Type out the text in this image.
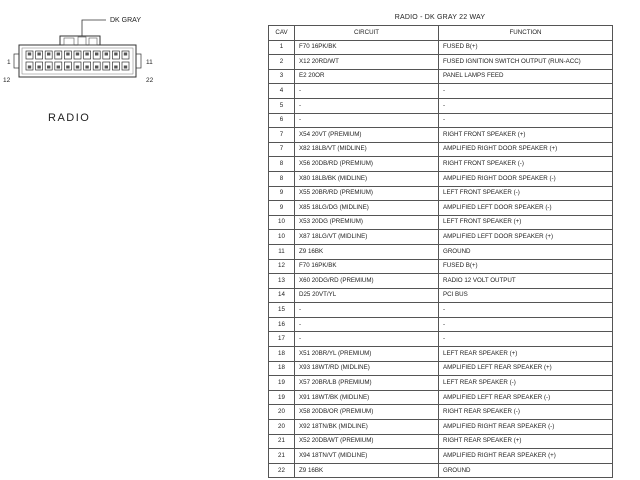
DK GRAY
1
12
11
22
RADIO
RADIO - DK GRAY 22 WAY
CAV	CIRCUIT	FUNCTION
1	F70 16PK/BK	FUSED B(+)
2	X12 20RD/WT	FUSED IGNITION SWITCH OUTPUT (RUN-ACC)
3	E2 20OR	PANEL LAMPS FEED
4	-	-
5	-	-
6	-	-
7	X54 20VT (PREMIUM)	RIGHT FRONT SPEAKER (+)
7	X82 18LB/VT (MIDLINE)	AMPLIFIED RIGHT DOOR SPEAKER (+)
8	X56 20DB/RD (PREMIUM)	RIGHT FRONT SPEAKER (-)
8	X80 18LB/BK (MIDLINE)	AMPLIFIED RIGHT DOOR SPEAKER (-)
9	X55 20BR/RD (PREMIUM)	LEFT FRONT SPEAKER (-)
9	X85 18LG/DG (MIDLINE)	AMPLIFIED LEFT DOOR SPEAKER (-)
10	X53 20DG (PREMIUM)	LEFT FRONT SPEAKER (+)
10	X87 18LG/VT (MIDLINE)	AMPLIFIED LEFT DOOR SPEAKER (+)
11	Z9 16BK	GROUND
12	F70 16PK/BK	FUSED B(+)
13	X60 20DG/RD (PREMIUM)	RADIO 12 VOLT OUTPUT
14	D25 20VT/YL	PCI BUS
15	-	-
16	-	-
17	-	-
18	X51 20BR/YL (PREMIUM)	LEFT REAR SPEAKER (+)
18	X93 18WT/RD (MIDLINE)	AMPLIFIED LEFT REAR SPEAKER (+)
19	X57 20BR/LB (PREMIUM)	LEFT REAR SPEAKER (-)
19	X91 18WT/BK (MIDLINE)	AMPLIFIED LEFT REAR SPEAKER (-)
20	X58 20DB/OR (PREMIUM)	RIGHT REAR SPEAKER (-)
20	X92 18TN/BK (MIDLINE)	AMPLIFIED RIGHT REAR SPEAKER (-)
21	X52 20DB/WT (PREMIUM)	RIGHT REAR SPEAKER (+)
21	X94 18TN/VT (MIDLINE)	AMPLIFIED RIGHT REAR SPEAKER (+)
22	Z9 16BK	GROUND
